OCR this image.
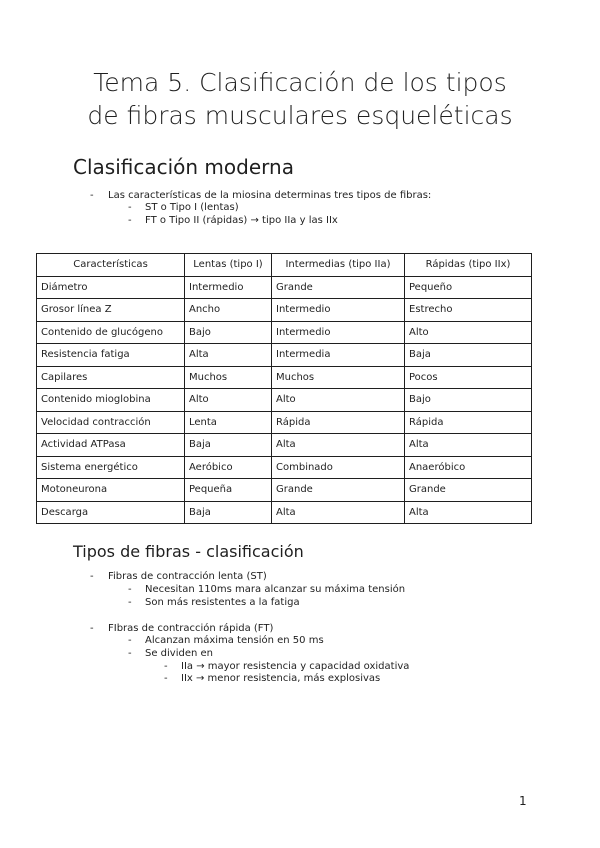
Tema 5. Clasificación de los tipos
de fibras musculares esqueléticas
Clasificación moderna
- Las características de la miosina determinas tres tipos de fibras:
- ST o Tipo I (lentas)
- FT o Tipo II (rápidas) → tipo IIa y las IIx
Características	Lentas (tipo I)	Intermedias (tipo IIa)	Rápidas (tipo IIx)
Diámetro	Intermedio	Grande	Pequeño
Grosor línea Z	Ancho	Intermedio	Estrecho
Contenido de glucógeno	Bajo	Intermedio	Alto
Resistencia fatiga	Alta	Intermedia	Baja
Capilares	Muchos	Muchos	Pocos
Contenido mioglobina	Alto	Alto	Bajo
Velocidad contracción	Lenta	Rápida	Rápida
Actividad ATPasa	Baja	Alta	Alta
Sistema energético	Aeróbico	Combinado	Anaeróbico
Motoneurona	Pequeña	Grande	Grande
Descarga	Baja	Alta	Alta
Tipos de fibras - clasificación
- Fibras de contracción lenta (ST)
- Necesitan 110ms mara alcanzar su máxima tensión
- Son más resistentes a la fatiga
- FIbras de contracción rápida (FT)
- Alcanzan máxima tensión en 50 ms
- Se dividen en
- IIa → mayor resistencia y capacidad oxidativa
- IIx → menor resistencia, más explosivas
1
